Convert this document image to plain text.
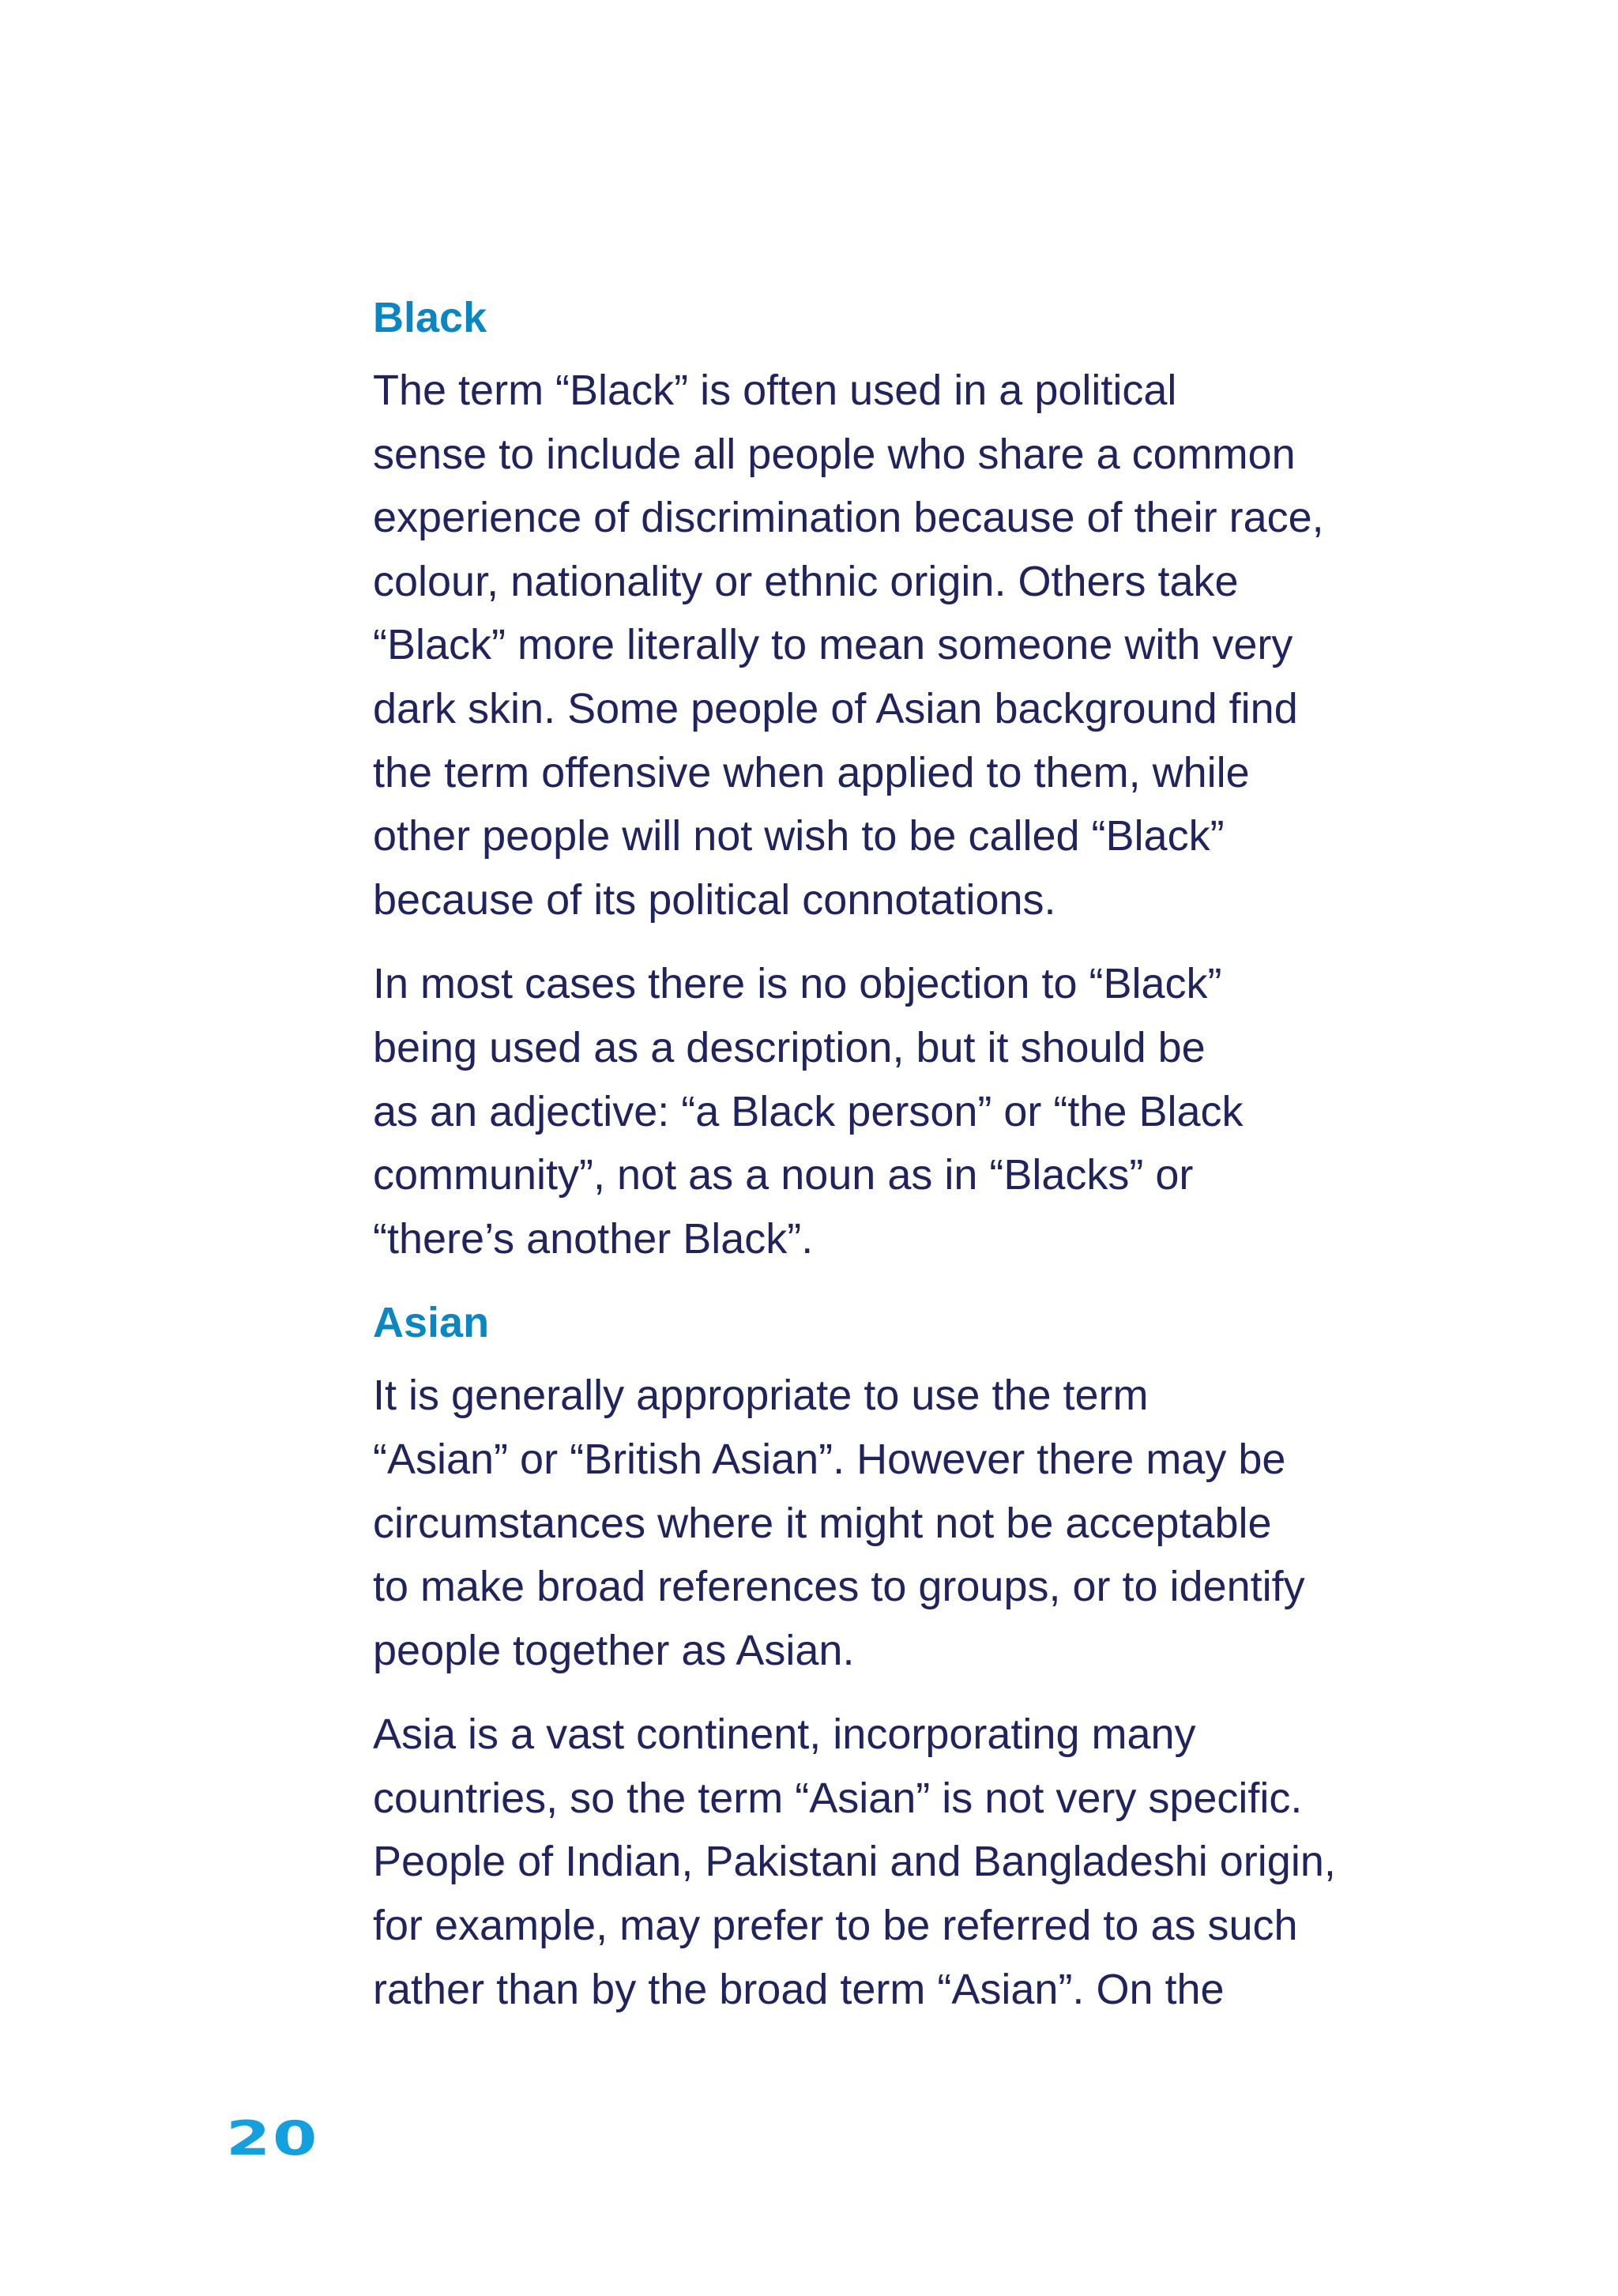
Black

The term “Black” is often used in a political
sense to include all people who share a common
experience of discrimination because of their race,
colour, nationality or ethnic origin. Others take
“Black” more literally to mean someone with very
dark skin. Some people of Asian background find
the term offensive when applied to them, while
other people will not wish to be called “Black”
because of its political connotations.

In most cases there is no objection to “Black”
being used as a description, but it should be
as an adjective: “a Black person” or “the Black
community”, not as a noun as in “Blacks” or
“there’s another Black”.

Asian

It is generally appropriate to use the term
“Asian” or “British Asian”. However there may be
circumstances where it might not be acceptable
to make broad references to groups, or to identify
people together as Asian.

Asia is a vast continent, incorporating many
countries, so the term “Asian” is not very specific.
People of Indian, Pakistani and Bangladeshi origin,
for example, may prefer to be referred to as such
rather than by the broad term “Asian”. On the

20
